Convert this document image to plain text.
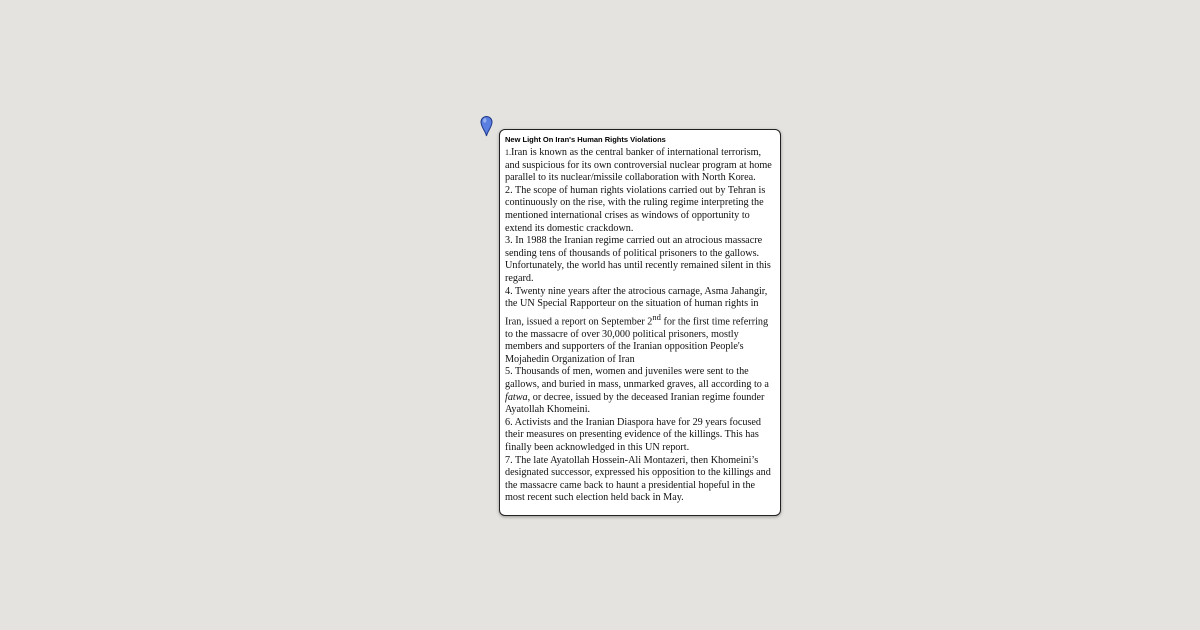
New Light On Iran's Human Rights Violations

1.Iran is known as the central banker of international terrorism, and suspicious for its own controversial nuclear program at home parallel to its nuclear/missile collaboration with North Korea.

2. The scope of human rights violations carried out by Tehran is continuously on the rise, with the ruling regime interpreting the mentioned international crises as windows of opportunity to extend its domestic crackdown.

3. In 1988 the Iranian regime carried out an atrocious massacre sending tens of thousands of political prisoners to the gallows. Unfortunately, the world has until recently remained silent in this regard.

4. Twenty nine years after the atrocious carnage, Asma Jahangir, the UN Special Rapporteur on the situation of human rights in Iran, issued a report on September 2nd for the first time referring to the massacre of over 30,000 political prisoners, mostly members and supporters of the Iranian opposition People's Mojahedin Organization of Iran

5. Thousands of men, women and juveniles were sent to the gallows, and buried in mass, unmarked graves, all according to a fatwa, or decree, issued by the deceased Iranian regime founder Ayatollah Khomeini.

6. Activists and the Iranian Diaspora have for 29 years focused their measures on presenting evidence of the killings. This has finally been acknowledged in this UN report.

7. The late Ayatollah Hossein-Ali Montazeri, then Khomeini’s designated successor, expressed his opposition to the killings and the massacre came back to haunt a presidential hopeful in the most recent such election held back in May.
